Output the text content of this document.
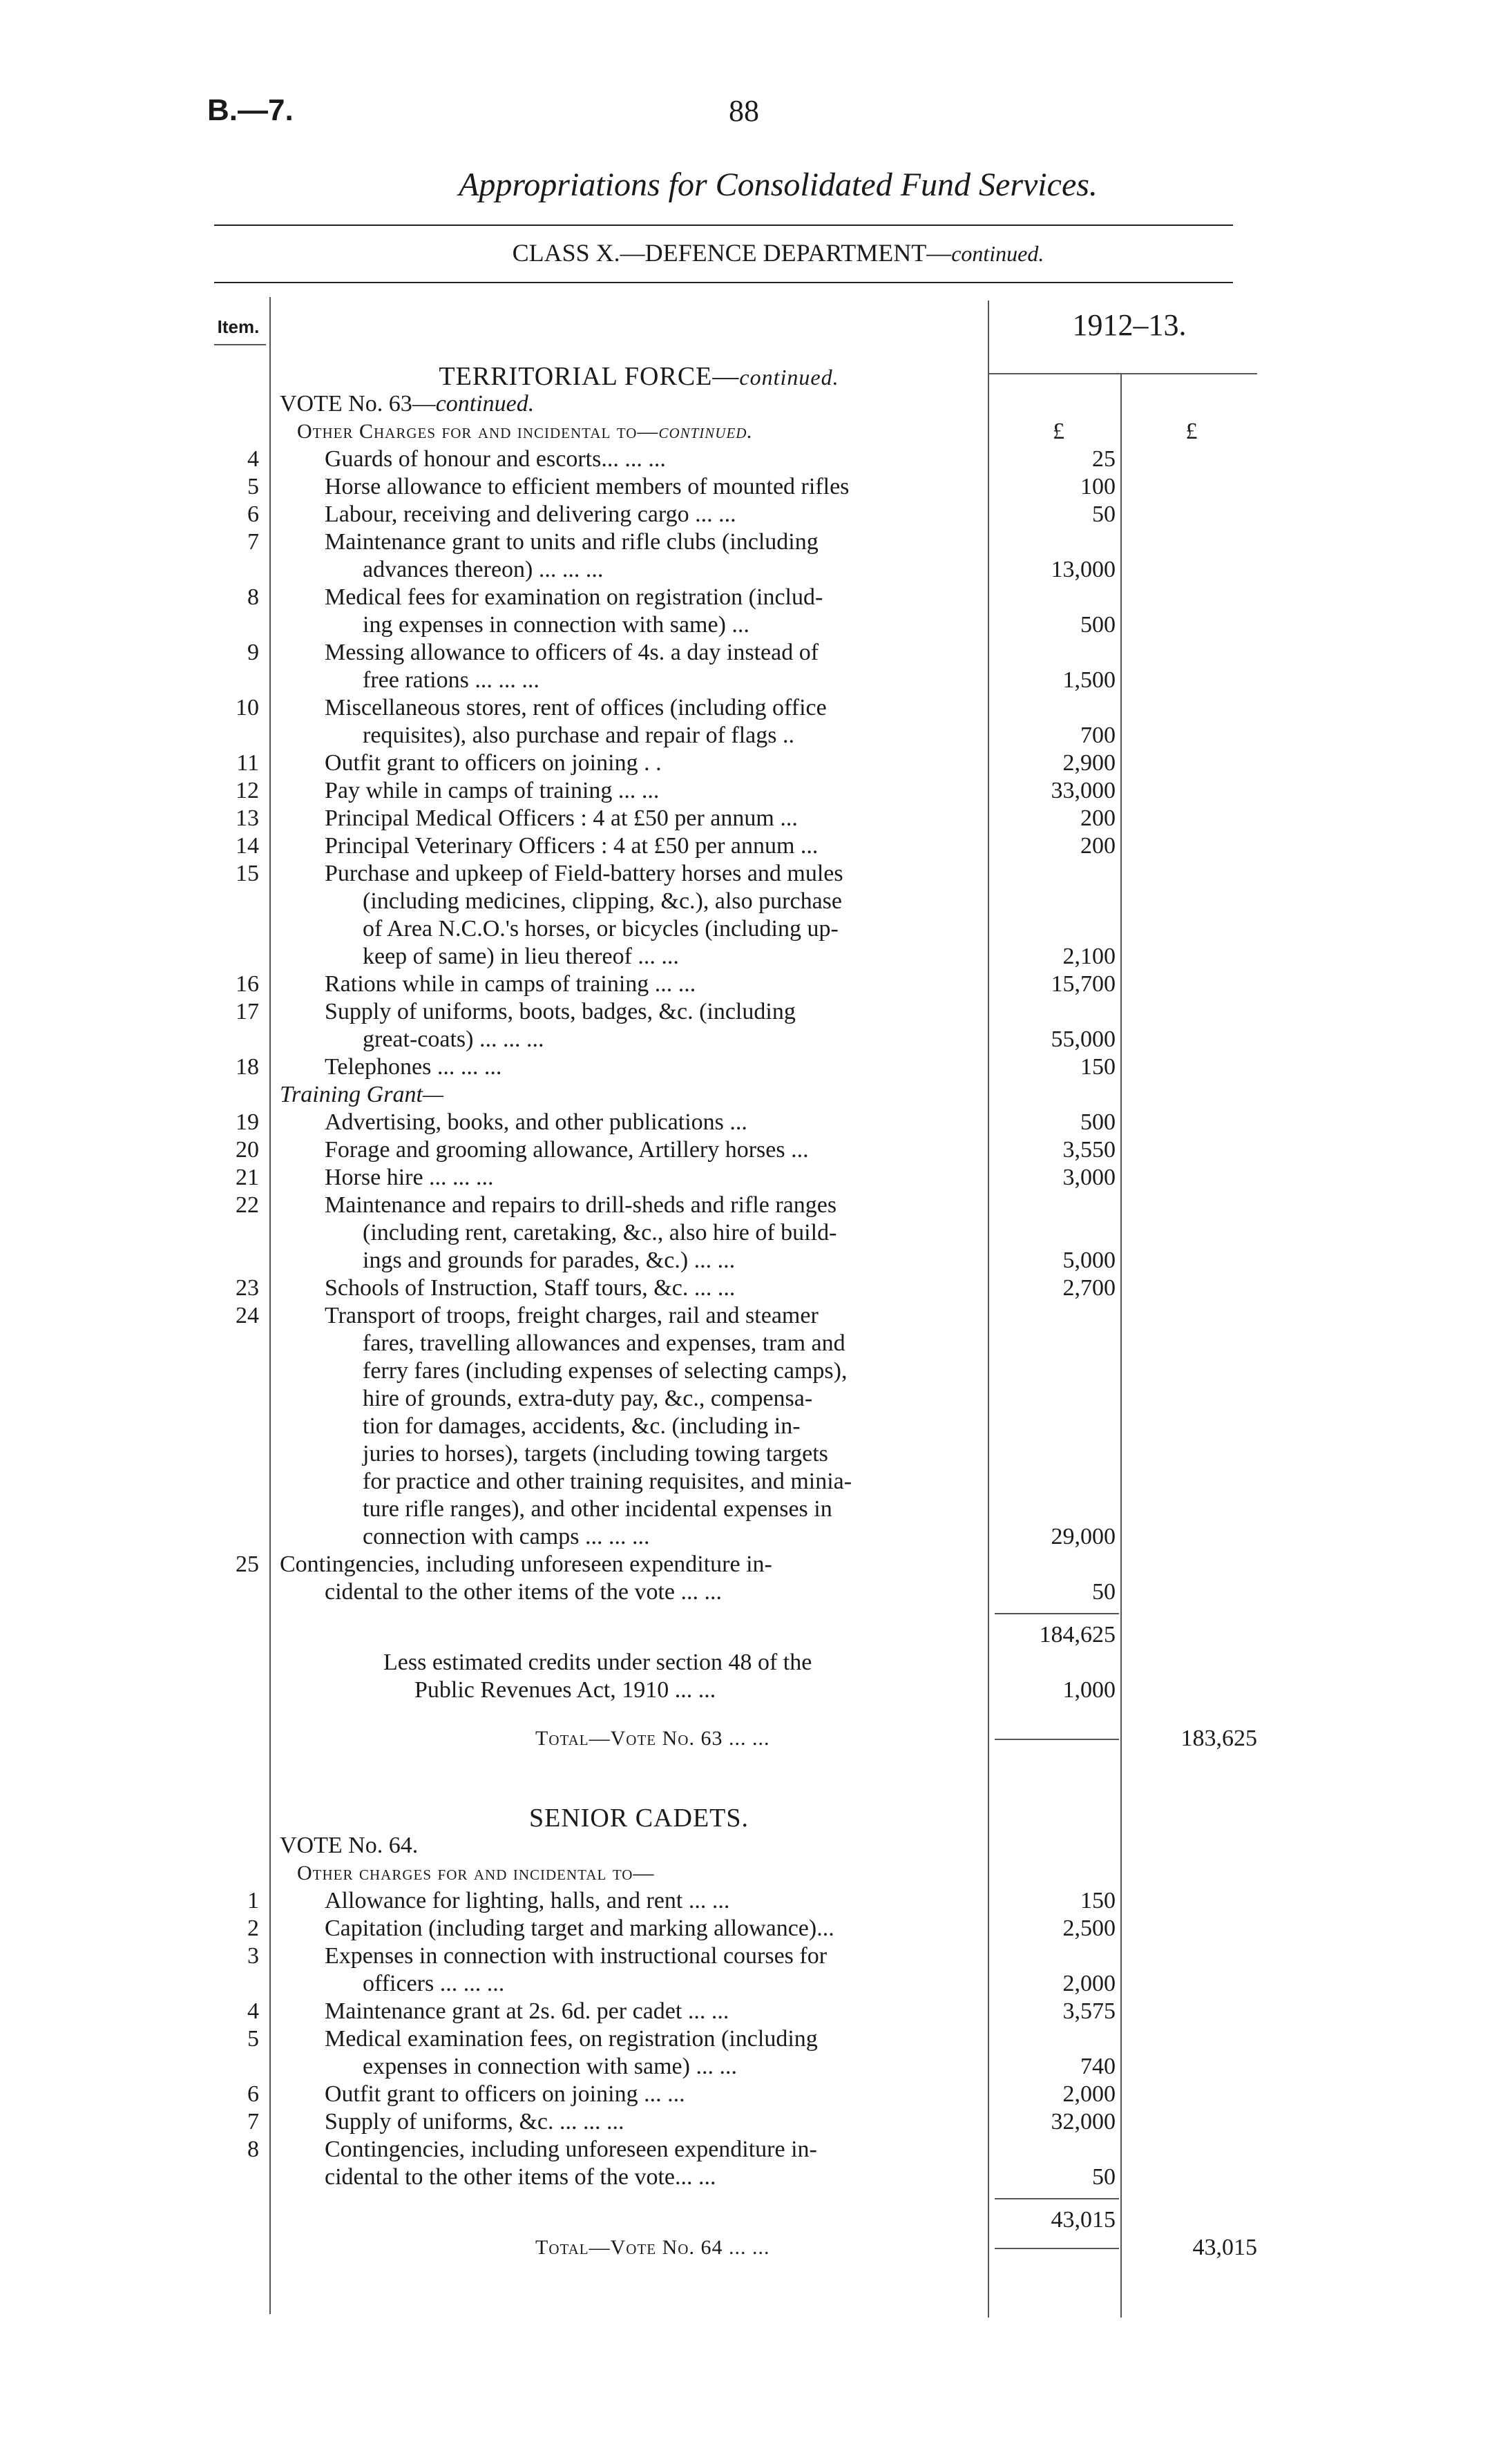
B.—7.	88
Appropriations for Consolidated Fund Services.
CLASS X.—DEFENCE DEPARTMENT—continued.
Item.	1912–13.
TERRITORIAL FORCE—continued.
VOTE No. 63—continued.
Other Charges for and incidental to—continued.	£	£
4	Guards of honour and escorts... ... ...	25
5	Horse allowance to efficient members of mounted rifles	100
6	Labour, receiving and delivering cargo ... ...	50
7	Maintenance grant to units and rifle clubs (including
advances thereon) ... ... ...	13,000
8	Medical fees for examination on registration (includ-
ing expenses in connection with same) ...	500
9	Messing allowance to officers of 4s. a day instead of
free rations ... ... ...	1,500
10	Miscellaneous stores, rent of offices (including office
requisites), also purchase and repair of flags ..	700
11	Outfit grant to officers on joining . .	2,900
12	Pay while in camps of training ... ...	33,000
13	Principal Medical Officers : 4 at £50 per annum ...	200
14	Principal Veterinary Officers : 4 at £50 per annum ...	200
15	Purchase and upkeep of Field-battery horses and mules
(including medicines, clipping, &c.), also purchase
of Area N.C.O.'s horses, or bicycles (including up-
keep of same) in lieu thereof ... ...	2,100
16	Rations while in camps of training ... ...	15,700
17	Supply of uniforms, boots, badges, &c. (including
great-coats) ... ... ...	55,000
18	Telephones ... ... ...	150
Training Grant—
19	Advertising, books, and other publications ...	500
20	Forage and grooming allowance, Artillery horses ...	3,550
21	Horse hire ... ... ...	3,000
22	Maintenance and repairs to drill-sheds and rifle ranges
(including rent, caretaking, &c., also hire of build-
ings and grounds for parades, &c.) ... ...	5,000
23	Schools of Instruction, Staff tours, &c. ... ...	2,700
24	Transport of troops, freight charges, rail and steamer
fares, travelling allowances and expenses, tram and
ferry fares (including expenses of selecting camps),
hire of grounds, extra-duty pay, &c., compensa-
tion for damages, accidents, &c. (including in-
juries to horses), targets (including towing targets
for practice and other training requisites, and minia-
ture rifle ranges), and other incidental expenses in
connection with camps ... ... ...	29,000
25 Contingencies, including unforeseen expenditure in-
cidental to the other items of the vote ... ...	50
184,625
Less estimated credits under section 48 of the
Public Revenues Act, 1910 ... ...	1,000
Total—Vote No. 63 ... ...	183,625
SENIOR CADETS.
VOTE No. 64.
Other charges for and incidental to—
1	Allowance for lighting, halls, and rent ... ...	150
2	Capitation (including target and marking allowance)...	2,500
3	Expenses in connection with instructional courses for
officers ... ... ...	2,000
4	Maintenance grant at 2s. 6d. per cadet ... ...	3,575
5	Medical examination fees, on registration (including
expenses in connection with same) ... ...	740
6	Outfit grant to officers on joining ... ...	2,000
7	Supply of uniforms, &c. ... ... ...	32,000
8	Contingencies, including unforeseen expenditure in-
cidental to the other items of the vote... ...	50
43,015
Total—Vote No. 64 ... ...	43,015
